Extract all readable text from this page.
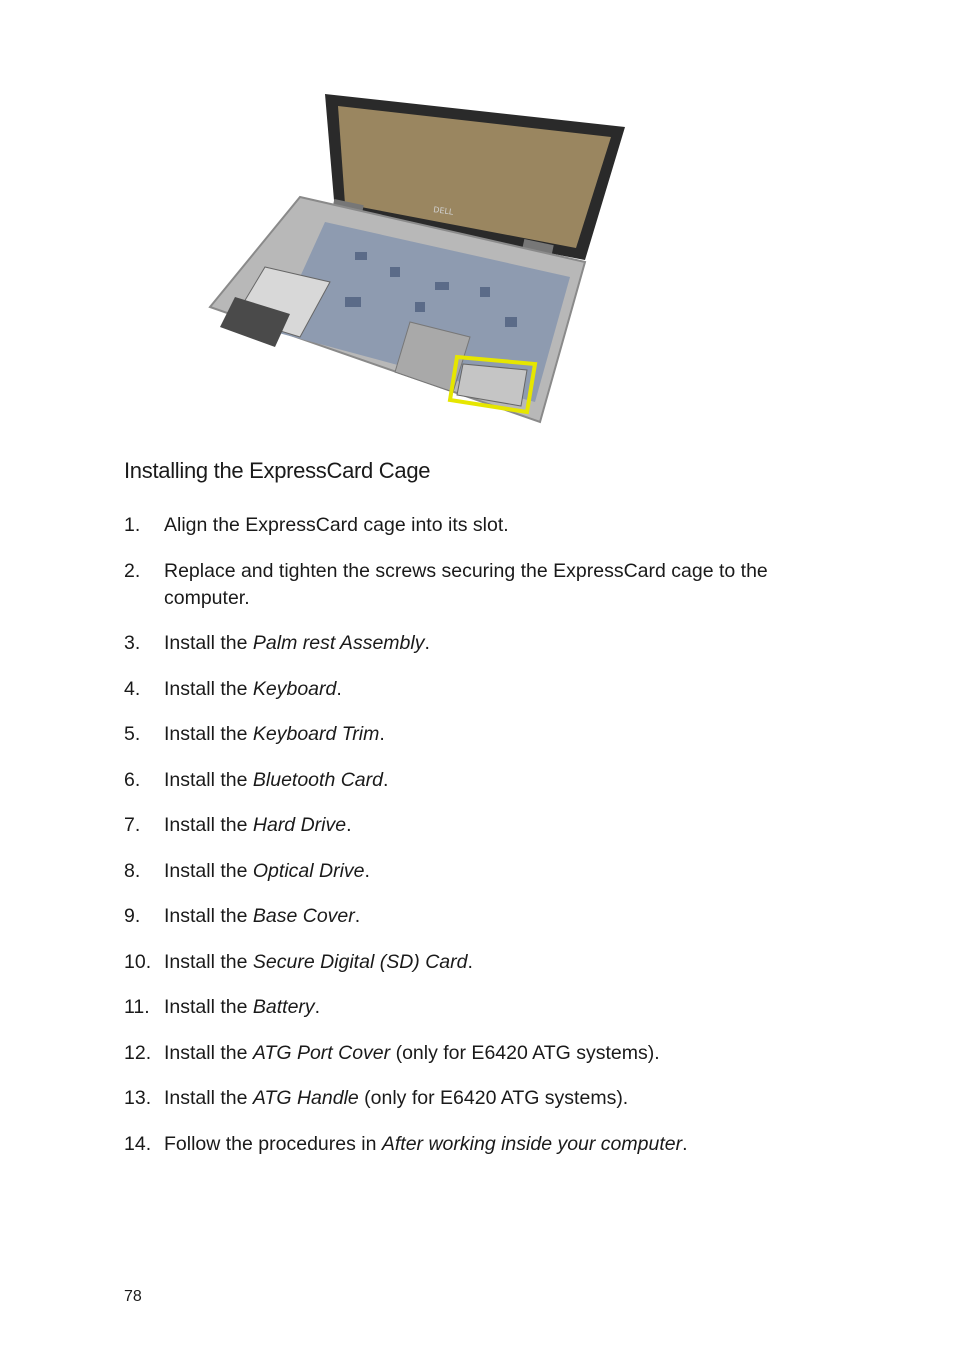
DELL
Installing the ExpressCard Cage
1. Align the ExpressCard cage into its slot.
2. Replace and tighten the screws securing the ExpressCard cage to the computer.
3. Install the Palm rest Assembly.
4. Install the Keyboard.
5. Install the Keyboard Trim.
6. Install the Bluetooth Card.
7. Install the Hard Drive.
8. Install the Optical Drive.
9. Install the Base Cover.
10. Install the Secure Digital (SD) Card.
11. Install the Battery.
12. Install the ATG Port Cover (only for E6420 ATG systems).
13. Install the ATG Handle (only for E6420 ATG systems).
14. Follow the procedures in After working inside your computer.
78
